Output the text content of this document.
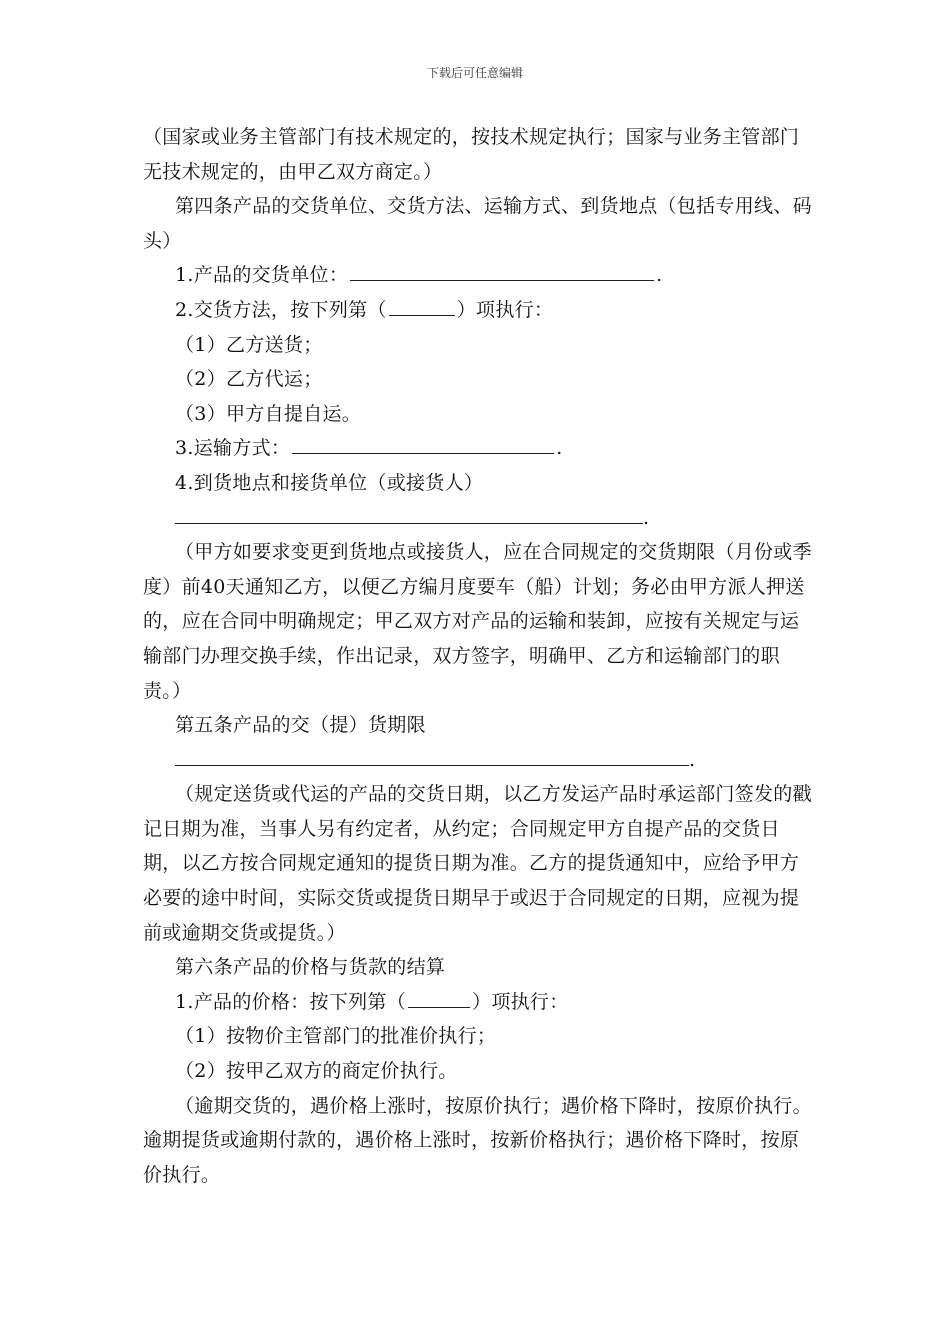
下载后可任意编辑

（国家或业务主管部门有技术规定的，按技术规定执行；国家与业务主管部门无技术规定的，由甲乙双方商定。）

第四条产品的交货单位、交货方法、运输方式、到货地点（包括专用线、码头）

1.产品的交货单位：	.

2.交货方法，按下列第（	）项执行：

（1）乙方送货；

（2）乙方代运；

（3）甲方自提自运。

3.运输方式：	.

4.到货地点和接货单位（或接货人）

.

（甲方如要求变更到货地点或接货人，应在合同规定的交货期限（月份或季度）前40天通知乙方，以便乙方编月度要车（船）计划；务必由甲方派人押送的，应在合同中明确规定；甲乙双方对产品的运输和装卸，应按有关规定与运输部门办理交换手续，作出记录，双方签字，明确甲、乙方和运输部门的职责。）

第五条产品的交（提）货期限

.

（规定送货或代运的产品的交货日期，以乙方发运产品时承运部门签发的戳记日期为准，当事人另有约定者，从约定；合同规定甲方自提产品的交货日期，以乙方按合同规定通知的提货日期为准。乙方的提货通知中，应给予甲方必要的途中时间，实际交货或提货日期早于或迟于合同规定的日期，应视为提前或逾期交货或提货。）

第六条产品的价格与货款的结算

1.产品的价格：按下列第（	）项执行：

（1）按物价主管部门的批准价执行；

（2）按甲乙双方的商定价执行。

（逾期交货的，遇价格上涨时，按原价执行；遇价格下降时，按原价执行。逾期提货或逾期付款的，遇价格上涨时，按新价格执行；遇价格下降时，按原价执行。
